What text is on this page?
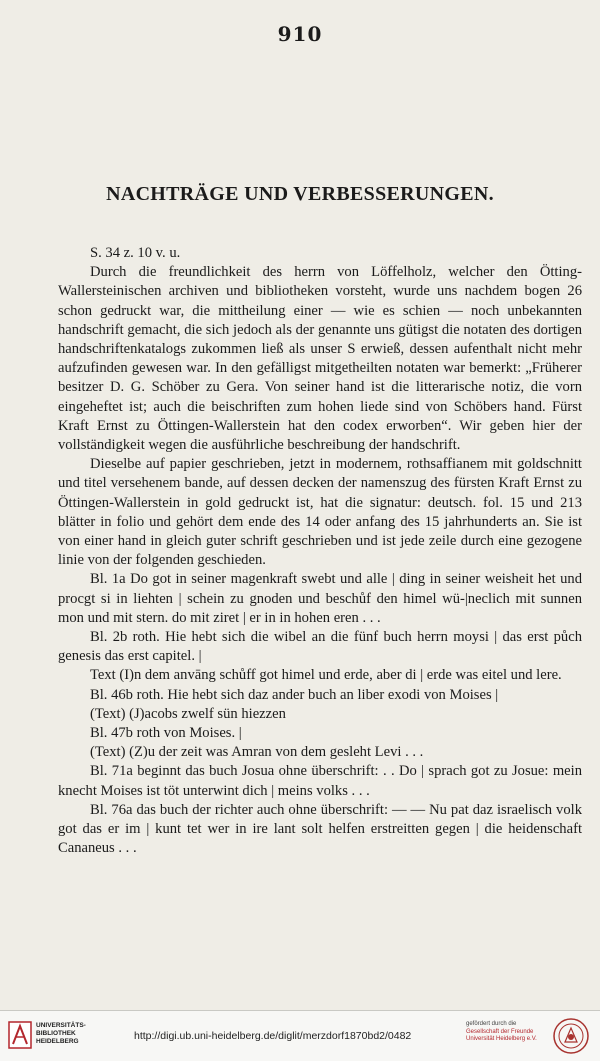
910
NACHTRÄGE UND VERBESSERUNGEN.

S. 34 z. 10 v. u.

Durch die freundlichkeit des herrn von Löffelholz, welcher den Ötting-Wallersteinischen archiven und bibliotheken vorsteht, wurde uns nachdem bogen 26 schon gedruckt war, die mittheilung einer — wie es schien — noch unbekannten handschrift gemacht, die sich jedoch als der genannte uns gütigst die notaten des dortigen handschriftenkatalogs zukommen ließ als unser S erwieß, dessen aufenthalt nicht mehr aufzufinden gewesen war. In den gefälligst mitgetheilten notaten war bemerkt: „Früherer besitzer D. G. Schöber zu Gera. Von seiner hand ist die litterarische notiz, die vorn eingeheftet ist; auch die beischriften zum hohen liede sind von Schöbers hand. Fürst Kraft Ernst zu Öttingen-Wallerstein hat den codex erworben“. Wir geben hier der vollständigkeit wegen die ausführliche beschreibung der handschrift.

Dieselbe auf papier geschrieben, jetzt in modernem, rothsaffianem mit goldschnitt und titel versehenem bande, auf dessen decken der namenszug des fürsten Kraft Ernst zu Öttingen-Wallerstein in gold gedruckt ist, hat die signatur: deutsch. fol. 15 und 213 blätter in folio und gehört dem ende des 14 oder anfang des 15 jahrhunderts an. Sie ist von einer hand in gleich guter schrift geschrieben und ist jede zeile durch eine gezogene linie von der folgenden geschieden.

Bl. 1a Do got in seiner magenkraft swebt und alle | ding in seiner weisheit het und procgt si in liehten | schein zu gnoden und beschůf den himel wü-|neclich mit sunnen mon und mit stern. do mit ziret | er in in hohen eren . . .

Bl. 2b roth. Hie hebt sich die wibel an die fünf buch herrn moysi | das erst půch genesis das erst capitel. |

Text (I)n dem anvāng schůff got himel und erde, aber di | erde was eitel und lere.

Bl. 46b roth. Hie hebt sich daz ander buch an liber exodi von Moises |

(Text) (J)acobs zwelf sün hiezzen

Bl. 47b roth von Moises. |

(Text) (Z)u der zeit was Amran von dem gesleht Levi . . .

Bl. 71a beginnt das buch Josua ohne überschrift: . . Do | sprach got zu Josue: mein knecht Moises ist töt unterwint dich | meins volks . . .

Bl. 76a das buch der richter auch ohne überschrift: — — Nu pat daz israelisch volk got das er im | kunt tet wer in ire lant solt helfen erstreitten gegen | die heidenschaft Cananeus . . .

UNIVERSITÄTS-
BIBLIOTHEK
HEIDELBERG	http://digi.ub.uni-heidelberg.de/diglit/merzdorf1870bd2/0482
gefördert durch die
Gesellschaft der Freunde
Universität Heidelberg e.V.
